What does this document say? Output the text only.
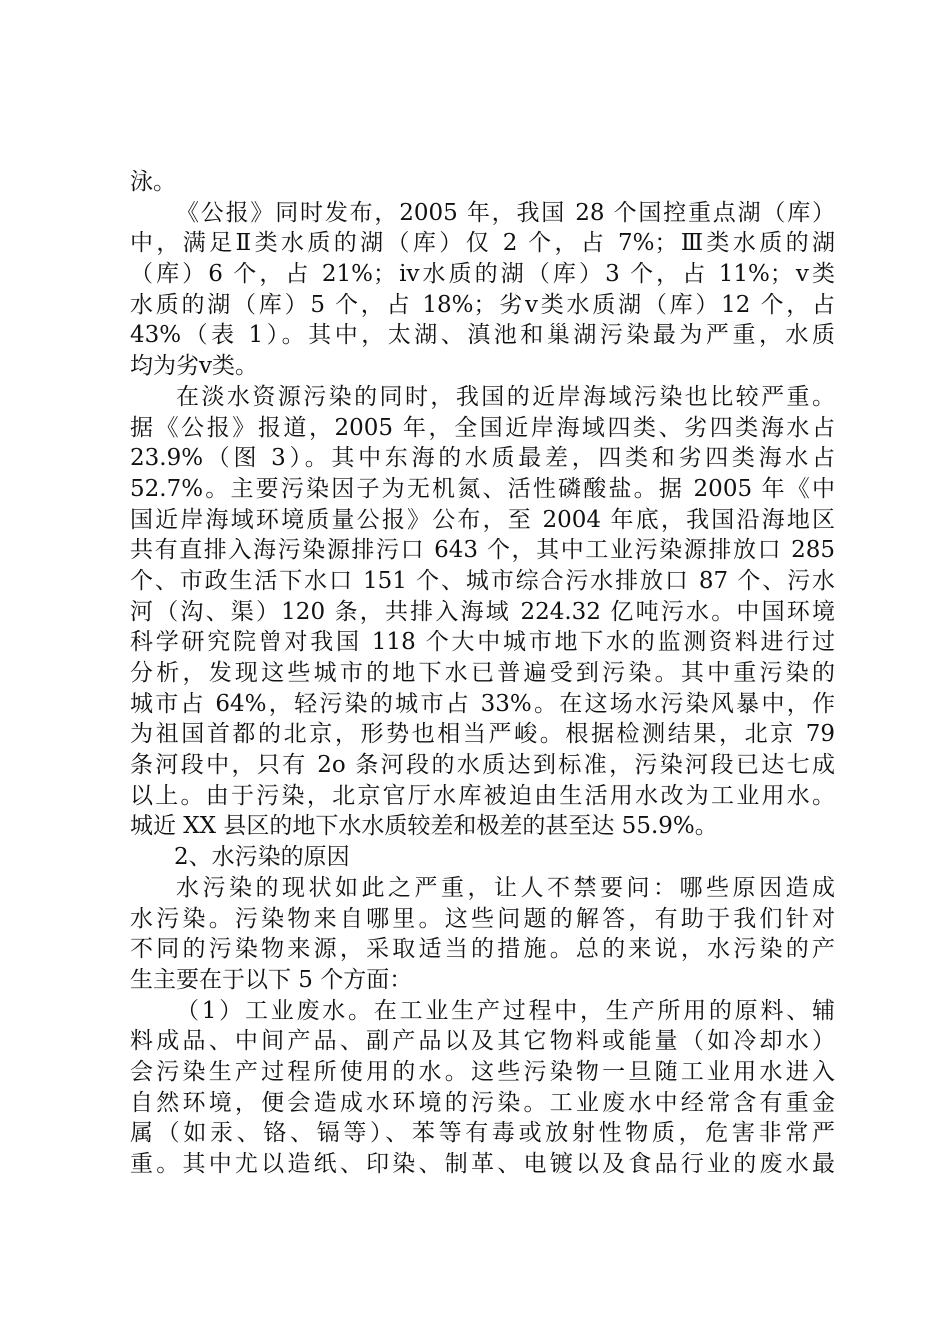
泳。
《公报》同时发布，2005 年，我国 28 个国控重点湖（库）
中，满足Ⅱ类水质的湖（库）仅 2 个，占 7%；Ⅲ类水质的湖
（库）6 个，占 21%；ⅳ水质的湖（库）3 个，占 11%；ⅴ类
水质的湖（库）5 个，占 18%；劣ⅴ类水质湖（库）12 个，占
43%（表 1）。其中，太湖、滇池和巢湖污染最为严重，水质
均为劣ⅴ类。
在淡水资源污染的同时，我国的近岸海域污染也比较严重。
据《公报》报道，2005 年，全国近岸海域四类、劣四类海水占
23.9%（图 3）。其中东海的水质最差，四类和劣四类海水占
52.7%。主要污染因子为无机氮、活性磷酸盐。据 2005 年《中
国近岸海域环境质量公报》公布，至 2004 年底，我国沿海地区
共有直排入海污染源排污口 643 个，其中工业污染源排放口 285
个、市政生活下水口 151 个、城市综合污水排放口 87 个、污水
河（沟、渠）120 条，共排入海域 224.32 亿吨污水。中国环境
科学研究院曾对我国 118 个大中城市地下水的监测资料进行过
分析，发现这些城市的地下水已普遍受到污染。其中重污染的
城市占 64%，轻污染的城市占 33%。在这场水污染风暴中，作
为祖国首都的北京，形势也相当严峻。根据检测结果，北京 79
条河段中，只有 2o 条河段的水质达到标准，污染河段已达七成
以上。由于污染，北京官厅水库被迫由生活用水改为工业用水。
城近 XX 县区的地下水水质较差和极差的甚至达 55.9%。
2、水污染的原因
水污染的现状如此之严重，让人不禁要问：哪些原因造成
水污染。污染物来自哪里。这些问题的解答，有助于我们针对
不同的污染物来源，采取适当的措施。总的来说，水污染的产
生主要在于以下 5 个方面：
（1）工业废水。在工业生产过程中，生产所用的原料、辅
料成品、中间产品、副产品以及其它物料或能量（如冷却水）
会污染生产过程所使用的水。这些污染物一旦随工业用水进入
自然环境，便会造成水环境的污染。工业废水中经常含有重金
属（如汞、铬、镉等）、苯等有毒或放射性物质，危害非常严
重。其中尤以造纸、印染、制革、电镀以及食品行业的废水最
